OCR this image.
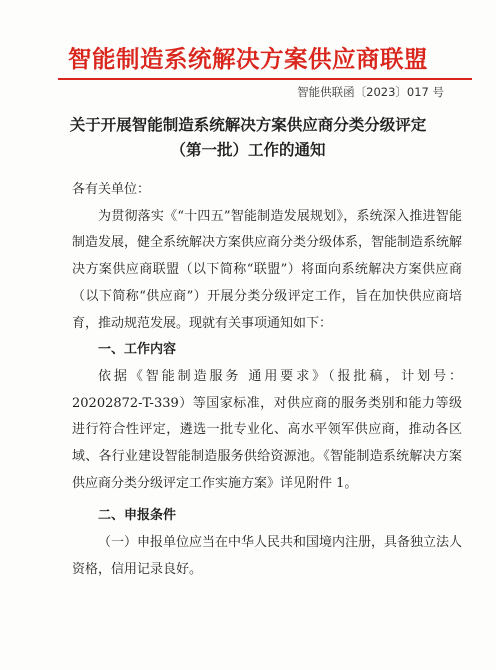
智能制造系统解决方案供应商联盟
智能供联函〔2023〕017 号
关于开展智能制造系统解决方案供应商分类分级评定
（第一批）工作的通知

各有关单位：

为贯彻落实《“十四五”智能制造发展规划》，系统深入推进智能制造发展，健全系统解决方案供应商分类分级体系，智能制造系统解决方案供应商联盟（以下简称“联盟”）将面向系统解决方案供应商（以下简称“供应商”）开展分类分级评定工作，旨在加快供应商培育，推动规范发展。现就有关事项通知如下：

一、工作内容

依据《智能制造服务 通用要求》（报批稿，计划号：20202872-T-339）等国家标准，对供应商的服务类别和能力等级进行符合性评定，遴选一批专业化、高水平领军供应商，推动各区域、各行业建设智能制造服务供给资源池。《智能制造系统解决方案供应商分类分级评定工作实施方案》详见附件 1。

二、申报条件

（一）申报单位应当在中华人民共和国境内注册，具备独立法人资格，信用记录良好。
